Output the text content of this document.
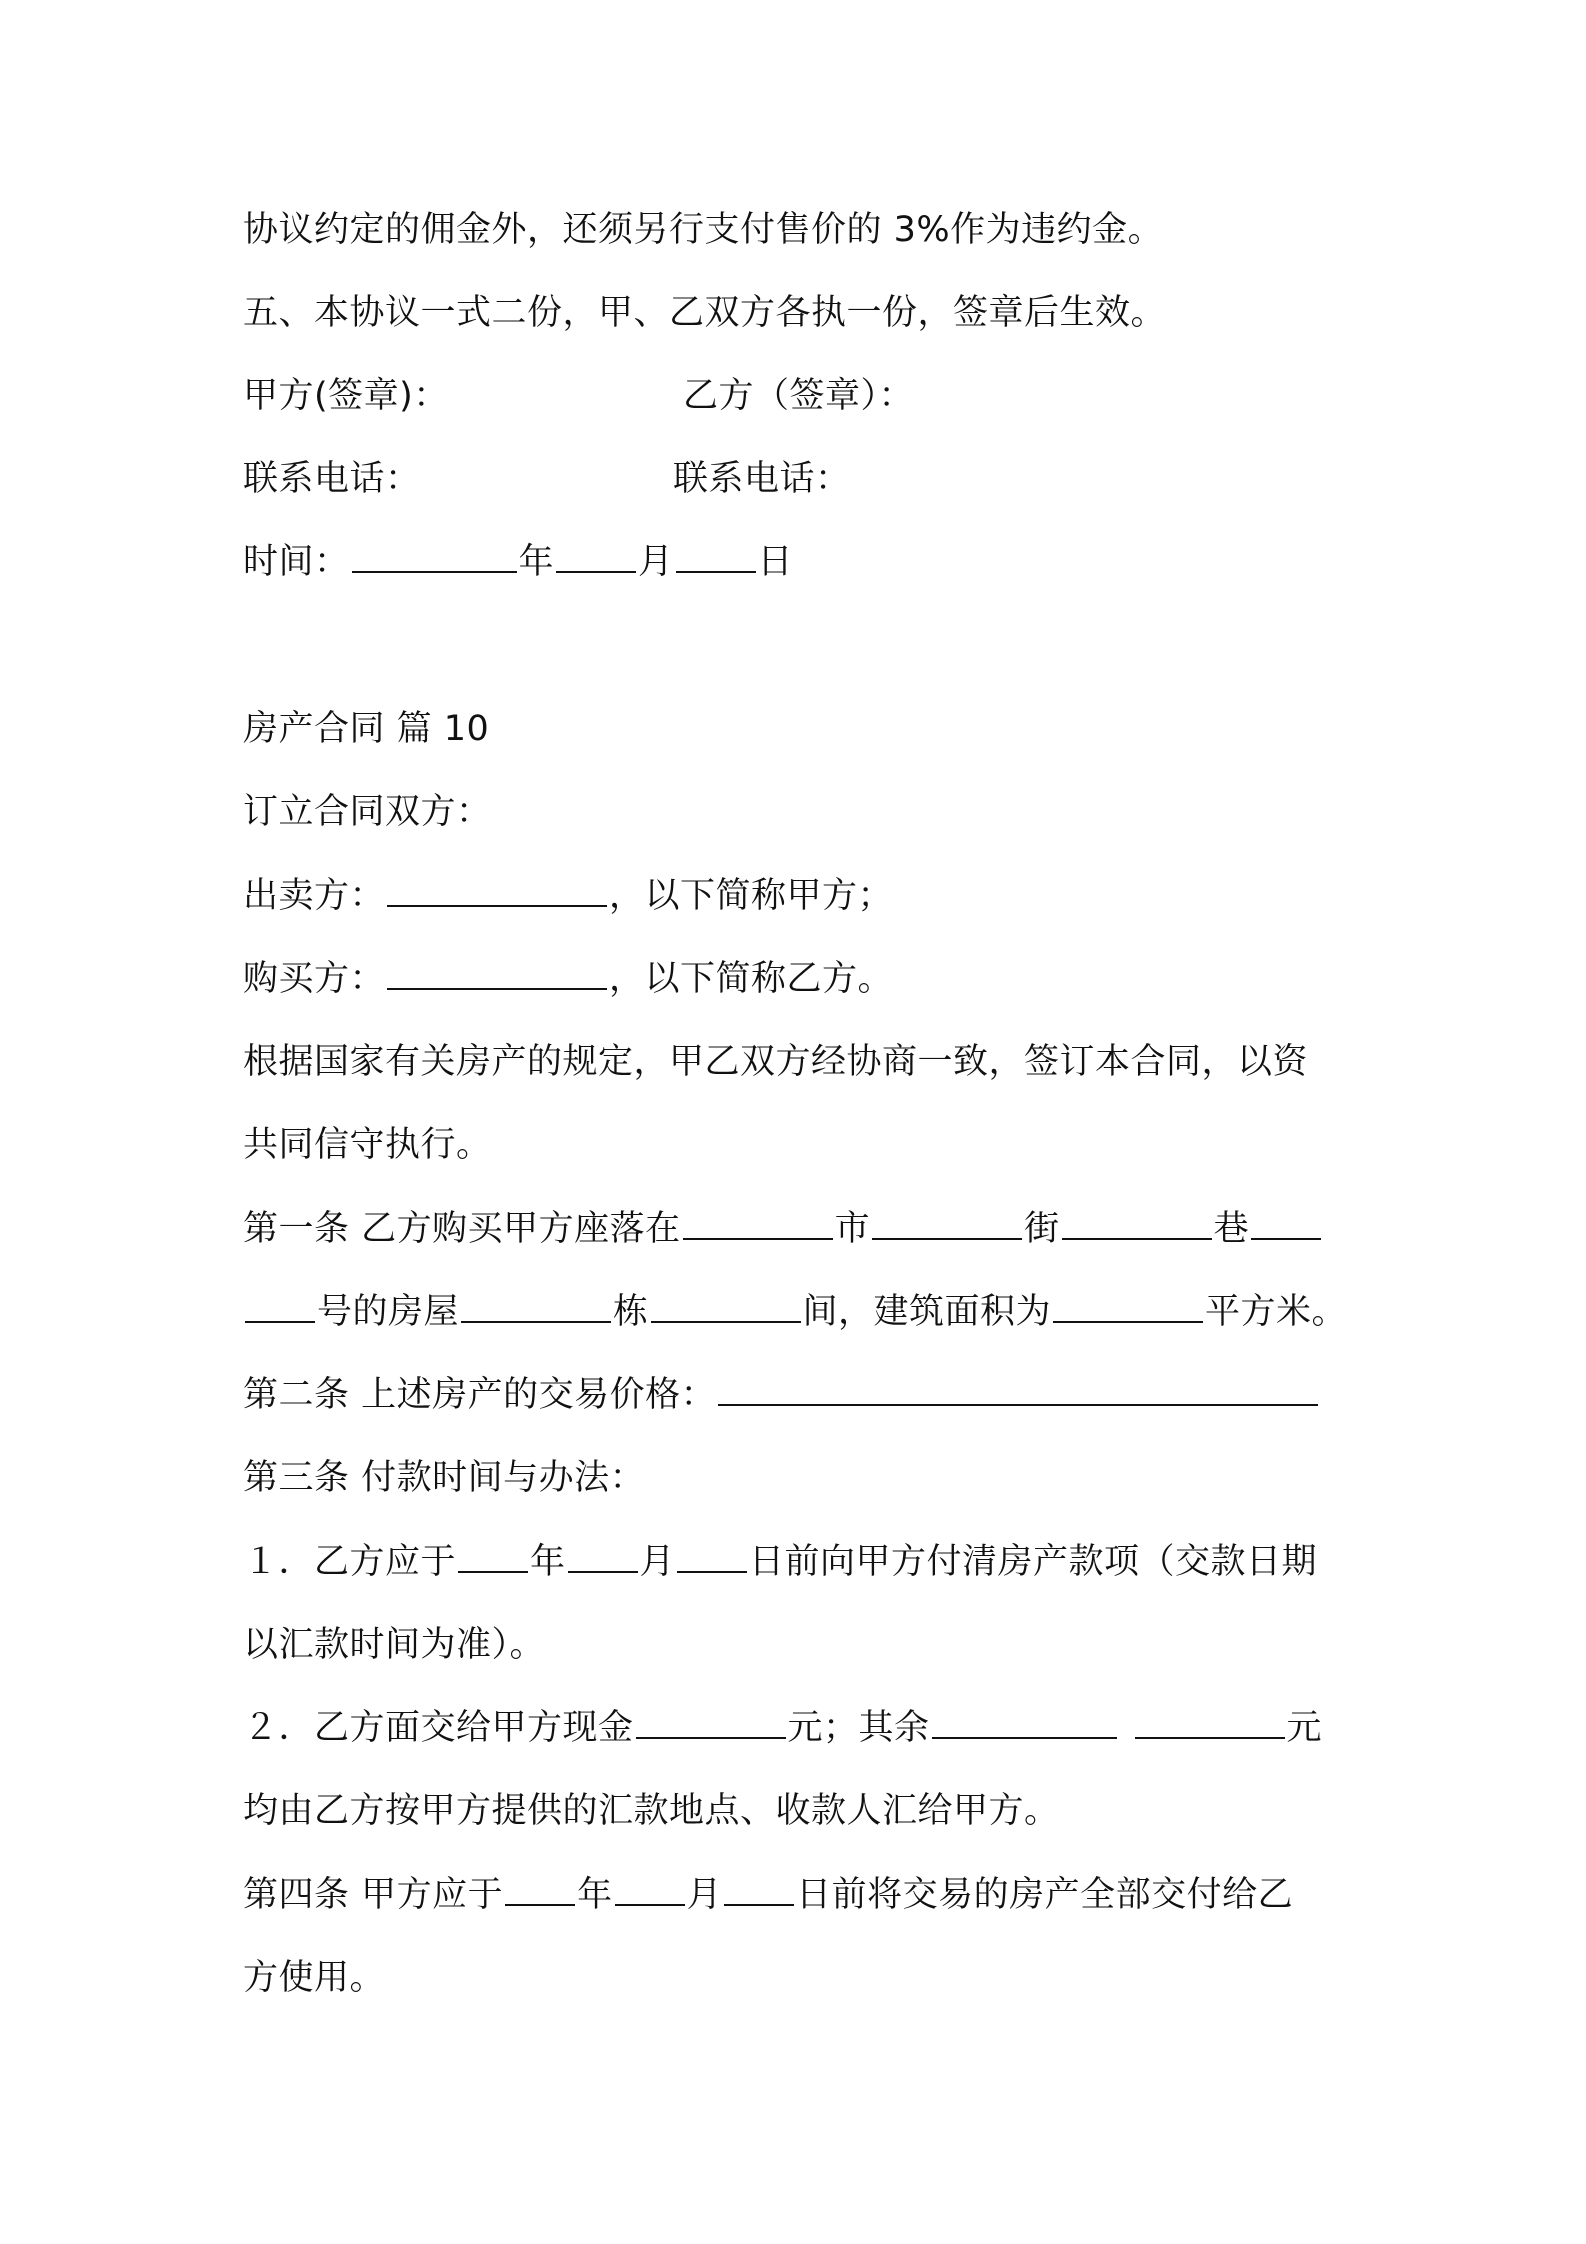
协议约定的佣金外，还须另行支付售价的 3%作为违约金。
五、本协议一式二份，甲、乙双方各执一份，签章后生效。
甲方(签章)：	乙方（签章）：
联系电话：	联系电话：
时间：	年 月 日
房产合同 篇 10
订立合同双方：
出卖方：	，以下简称甲方；
购买方：	，以下简称乙方。
根据国家有关房产的规定，甲乙双方经协商一致，签订本合同，以资
共同信守执行。
第一条 乙方购买甲方座落在	市	街	巷
号的房屋	栋	间，建筑面积为	平方米。
第二条 上述房产的交易价格：
第三条 付款时间与办法：
１．乙方应于 年 月 日前向甲方付清房产款项（交款日期
以汇款时间为准）。
２．乙方面交给甲方现金	元；其余	元
均由乙方按甲方提供的汇款地点、收款人汇给甲方。
第四条 甲方应于 年 月 日前将交易的房产全部交付给乙
方使用。
